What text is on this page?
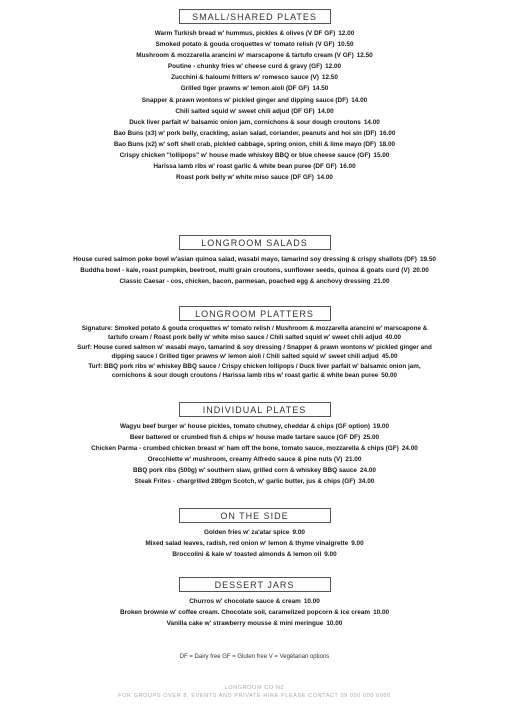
SMALL/SHARED PLATES
Warm Turkish bread w' hummus, pickles & olives (V DF GF) 12.00
Smoked potato & gouda croquettes w' tomato relish (V GF) 10.50
Mushroom & mozzarella arancini w' marscapone & tartufo cream (V GF) 12.50
Poutine - chunky fries w' cheese curd & gravy (GF) 12.00
Zucchini & haloumi fritters w' romesco sauce (V) 12.50
Grilled tiger prawns w' lemon aioli (DF GF) 14.50
Snapper & prawn wontons w' pickled ginger and dipping sauce (DF) 14.00
Chili salted squid w' sweet chili adjud (DF GF) 14.00
Duck liver parfait w' balsamic onion jam, cornichons & sour dough croutons 14.00
Bao Buns (x3) w' pork belly, crackling, asian salad, coriander, peanuts and hoi sin (DF) 16.00
Bao Buns (x2) w' soft shell crab, pickled cabbage, spring onion, chili & lime mayo (DF) 18.00
Crispy chicken "lollipops" w' house made whiskey BBQ or blue cheese sauce (GF) 15.00
Harissa lamb ribs w' roast garlic & white bean puree (DF GF) 16.00
Roast pork belly w' white miso sauce (DF GF) 14.00
LONGROOM SALADS
House cured salmon poke bowl w'asian quinoa salad, wasabi mayo, tamarind soy dressing & crispy shallots (DF) 19.50
Buddha bowl - kale, roast pumpkin, beetroot, multi grain croutons, sunflower seeds, quinoa & goats curd (V) 20.00
Classic Caesar - cos, chicken, bacon, parmesan, poached egg & anchovy dressing 21.00
LONGROOM PLATTERS
Signature: Smoked potato & gouda croquettes w' tomato relish / Mushroom & mozzarella arancini w' marscapone & tartufo cream / Roast pork belly w' white miso sauce / Chili salted squid w' sweet chili adjud 40.00
Surf: House cured salmon w' wasabi mayo, tamarind & soy dressing / Snapper & prawn wontons w' pickled ginger and dipping sauce / Grilled tiger prawns w' lemon aioli / Chili salted squid w' sweet chili adjud 45.00
Turf: BBQ pork ribs w' whiskey BBQ sauce / Crispy chicken lollipops / Duck liver parfait w' balsamic onion jam, cornichons & sour dough croutons / Harissa lamb ribs w' roast garlic & white bean puree 50.00
INDIVIDUAL PLATES
Wagyu beef burger w' house pickles, tomato chutney, cheddar & chips (GF option) 19.00
Beer battered or crumbed fish & chips w' house made tartare sauce (GF DF) 25.00
Chicken Parma - crumbed chicken breast w' ham off the bone, tomato sauce, mozzarella & chips (GF) 24.00
Orecchiette w' mushroom, creamy Alfredo sauce & pine nuts (V) 21.00
BBQ pork ribs (500g) w' southern slaw, grilled corn & whiskey BBQ sauce 24.00
Steak Frites - chargrilled 280gm Scotch, w' garlic butter, jus & chips (GF) 34.00
ON THE SIDE
Golden fries w' za'atar spice 9.00
Mixed salad leaves, radish, red onion w' lemon & thyme vinaigrette 9.00
Broccolini & kale w' toasted almonds & lemon oil 9.00
DESSERT JARS
Churros w' chocolate sauce & cream 10.00
Broken brownie w' coffee cream. Chocolate soil, caramelized popcorn & ice cream 10.00
Vanilla cake w' strawberry mousse & mini meringue 10.00
DF = Dairy free GF = Gluten free V = Vegetarian options
LONGROOM CO NZ
FOR GROUPS OVER 8, EVENTS AND PRIVATE HIRE PLEASE CONTACT 09 000 000 0000
